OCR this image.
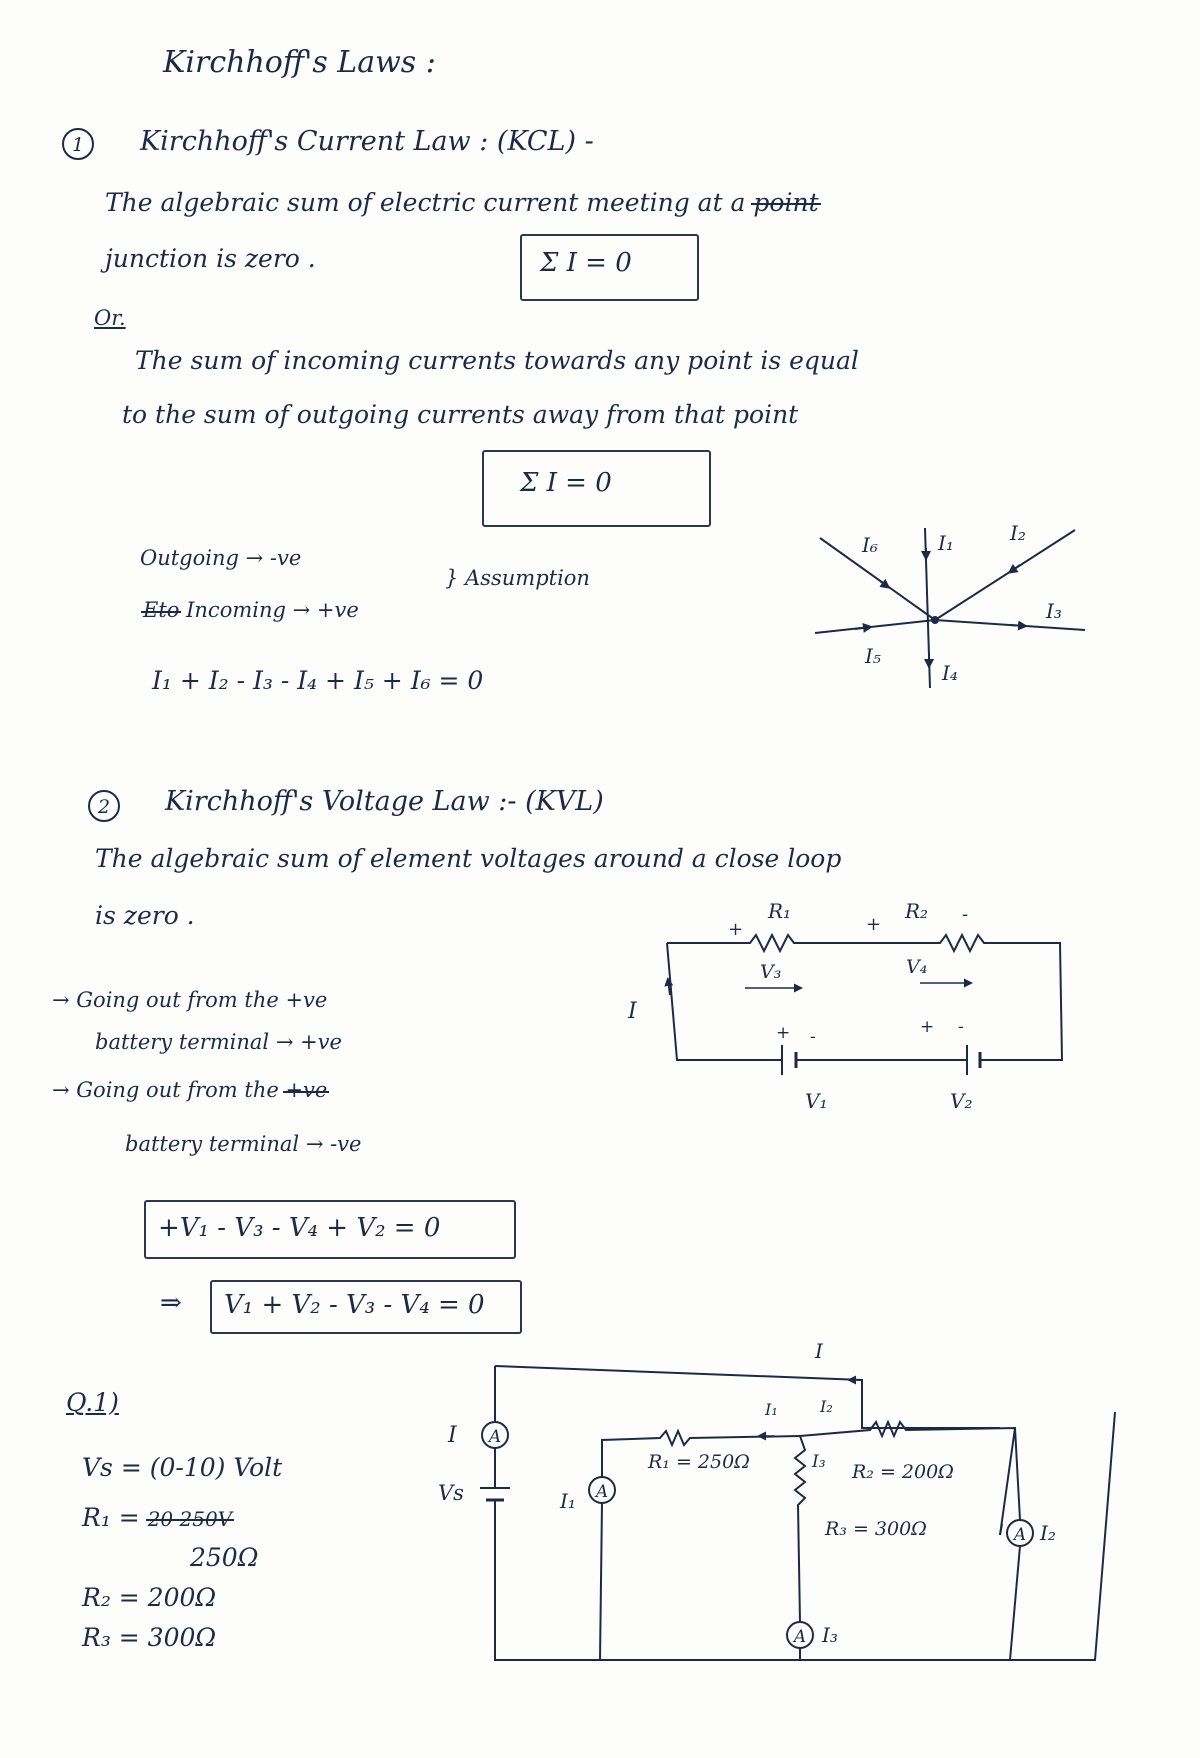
Kirchhoff's Laws :
1 Kirchhoff's Current Law : (KCL) -
The algebraic sum of electric current meeting at a point
junction is zero .	Σ I = 0
Or.
The sum of incoming currents towards any point is equal
to the sum of outgoing currents away from that point
Σ I = 0
Outgoing → -ve
Eto Incoming → +ve
} Assumption
I₁ + I₂ - I₃ - I₄ + I₅ + I₆ = 0
I₆	I₁	I₂
I₃
I₅
I₄
2 Kirchhoff's Voltage Law :- (KVL)
The algebraic sum of element voltages around a close loop
is zero .
→ Going out from the +ve
battery terminal → +ve
→ Going out from the +ve
battery terminal → -ve
+V₁ - V₃ - V₄ + V₂ = 0
⇒ V₁ + V₂ - V₃ - V₄ = 0
R₁	R₂
+	+	-
V₃	V₄
I
+ -	+ -
V₁	V₂
Q.1)
Vs = (0-10) Volt
R₁ = 20 250V
250Ω
R₂ = 200Ω
R₃ = 300Ω
A
A
A
A
I
I
Vs	I₁
I₁	I₂
I₃
R₁ = 250Ω	R₂ = 200Ω
R₃ = 300Ω	I₂
I₃
